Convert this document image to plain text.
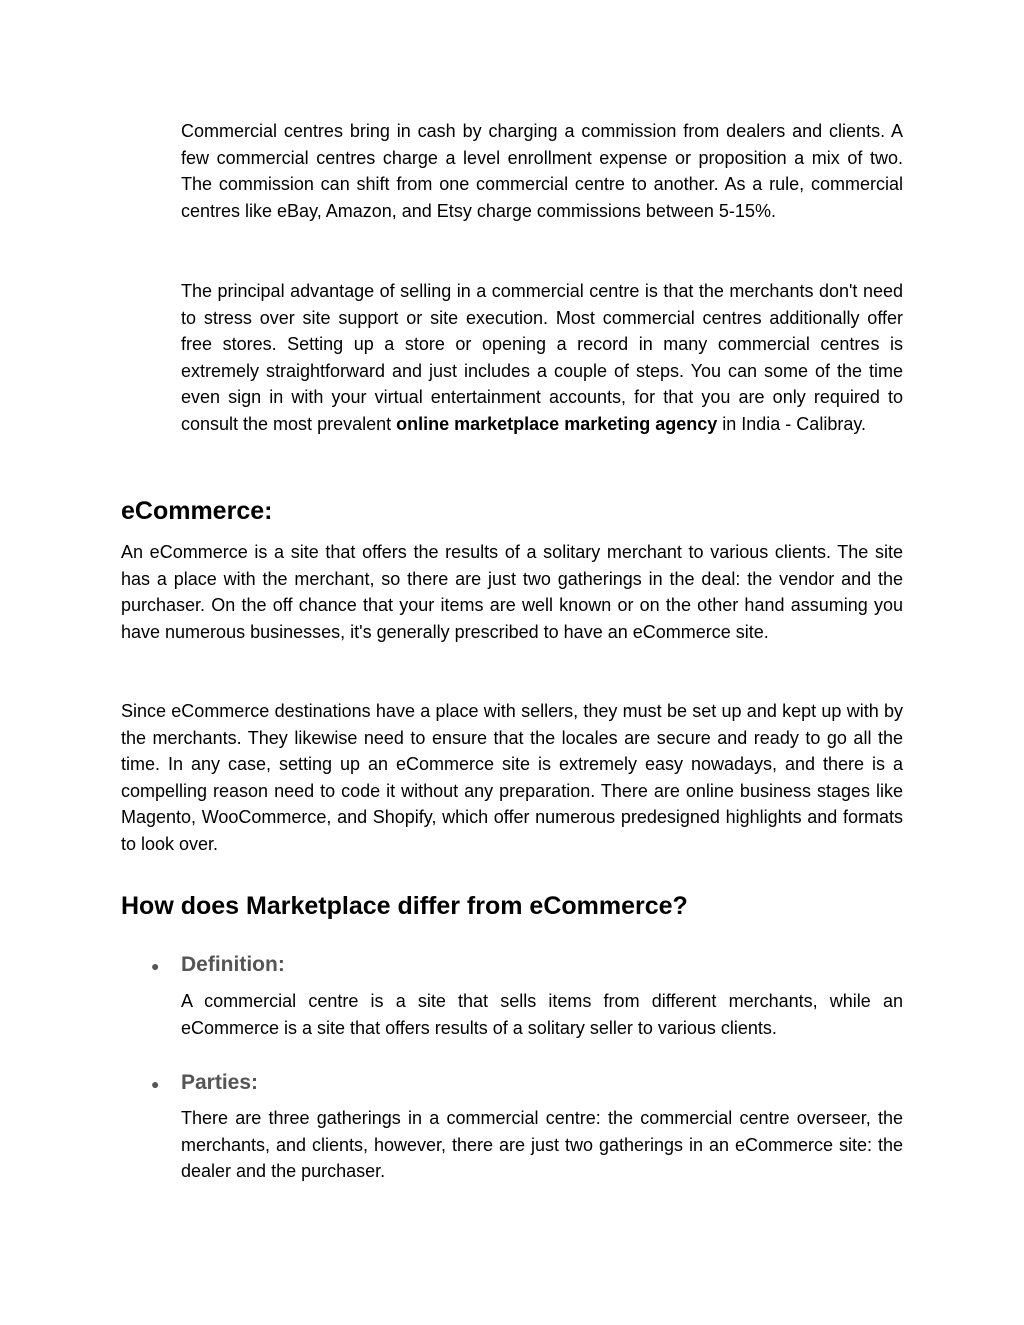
Commercial centres bring in cash by charging a commission from dealers and clients. A few commercial centres charge a level enrollment expense or proposition a mix of two. The commission can shift from one commercial centre to another. As a rule, commercial centres like eBay, Amazon, and Etsy charge commissions between 5-15%.

The principal advantage of selling in a commercial centre is that the merchants don't need to stress over site support or site execution. Most commercial centres additionally offer free stores. Setting up a store or opening a record in many commercial centres is extremely straightforward and just includes a couple of steps. You can some of the time even sign in with your virtual entertainment accounts, for that you are only required to consult the most prevalent online marketplace marketing agency in India - Calibray.

eCommerce:

An eCommerce is a site that offers the results of a solitary merchant to various clients. The site has a place with the merchant, so there are just two gatherings in the deal: the vendor and the purchaser. On the off chance that your items are well known or on the other hand assuming you have numerous businesses, it's generally prescribed to have an eCommerce site.

Since eCommerce destinations have a place with sellers, they must be set up and kept up with by the merchants. They likewise need to ensure that the locales are secure and ready to go all the time. In any case, setting up an eCommerce site is extremely easy nowadays, and there is a compelling reason need to code it without any preparation. There are online business stages like Magento, WooCommerce, and Shopify, which offer numerous predesigned highlights and formats to look over.

How does Marketplace differ from eCommerce?
● Definition:

A commercial centre is a site that sells items from different merchants, while an eCommerce is a site that offers results of a solitary seller to various clients.

● Parties:

There are three gatherings in a commercial centre: the commercial centre overseer, the merchants, and clients, however, there are just two gatherings in an eCommerce site: the dealer and the purchaser.
